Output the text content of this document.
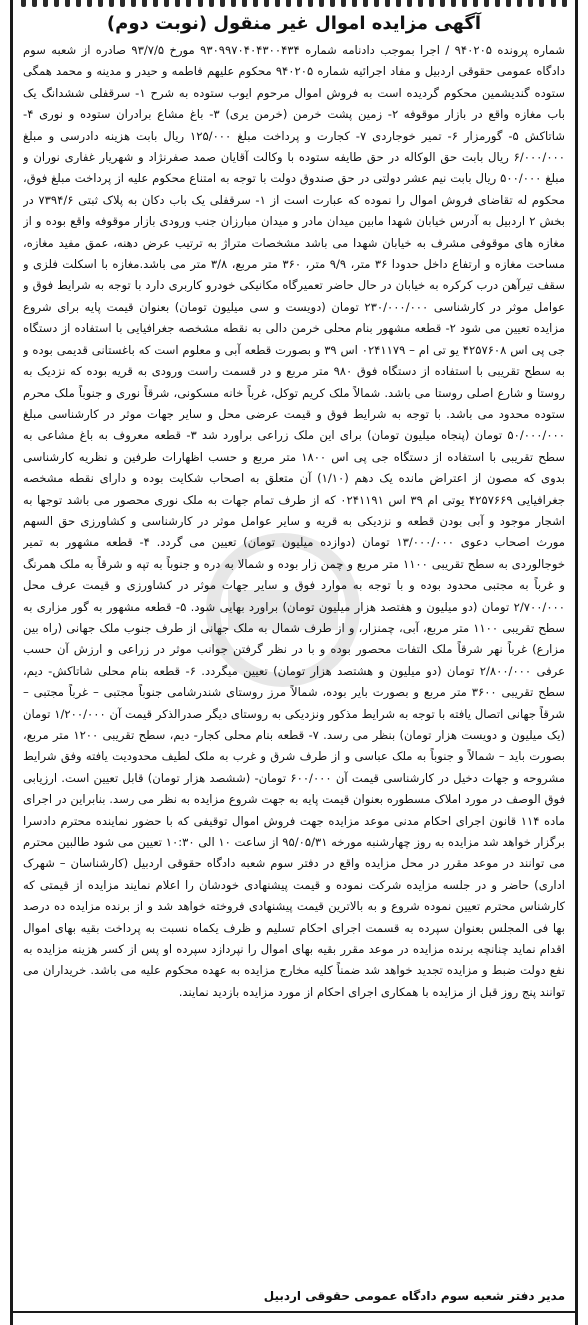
آگهی مزایده اموال غیر منقول (نوبت دوم)
شماره پرونده ۹۴۰۲۰۵ / اجرا بموجب دادنامه شماره ۹۳۰۹۹۷۰۴۰۴۳۰۰۴۳۴ مورخ ۹۳/۷/۵ صادره از شعبه سوم دادگاه عمومی حقوقی اردبیل و مفاد اجرائیه شماره ۹۴۰۲۰۵ محکوم علیهم فاطمه و حیدر و مدینه و محمد همگی ستوده گندیشمین محکوم گردیده است به فروش اموال مرحوم ایوب ستوده به شرح ۱- سرقفلی ششدانگ یک باب مغازه واقع در بازار موقوفه ۲- زمین پشت خرمن (خرمن یری) ۳- باغ مشاع برادران ستوده و نوری ۴- شاتاکش ۵- گورمزار ۶- تمیر خوجاردی ۷- کجارت و پرداخت مبلغ ۱۲۵/۰۰۰ ریال بابت هزینه دادرسی و مبلغ ۶/۰۰۰/۰۰۰ ریال بابت حق الوکاله در حق طایفه ستوده با وکالت آقایان صمد صفرنژاد و شهریار غفاری نوران و مبلغ ۵۰۰/۰۰۰ ریال بابت نیم عشر دولتی در حق صندوق دولت با توجه به امتناع محکوم علیه از پرداخت مبلغ فوق، محکوم له تقاضای فروش اموال را نموده که عبارت است از ۱- سرقفلی یک باب دکان به پلاک ثبتی ۷۳۹۴/۶ در بخش ۲ اردبیل به آدرس خیابان شهدا مابین میدان مادر و میدان مبارزان جنب ورودی بازار موقوفه واقع بوده و از مغازه های موقوفی مشرف به خیابان شهدا می باشد مشخصات متراژ به ترتیب عرض دهنه، عمق مفید مغازه، مساحت مغازه و ارتفاع داخل حدودا ۳۶ متر، ۹/۹ متر، ۳۶۰ متر مربع، ۳/۸ متر می باشد.مغازه با اسکلت فلزی و سقف تیرآهن درب کرکره به خیابان در حال حاضر تعمیرگاه مکانیکی خودرو کاربری دارد با توجه به شرایط فوق و عوامل موثر در کارشناسی ۲۳۰/۰۰۰/۰۰۰ تومان (دویست و سی میلیون تومان) بعنوان قیمت پایه برای شروع مزایده تعیین می شود ۲- قطعه مشهور بنام محلی خرمن دالی به نقطه مشخصه جغرافیایی با استفاده از دستگاه جی پی اس ۴۲۵۷۶۰۸ یو تی ام – ۰۲۴۱۱۷۹ اس ۳۹ و بصورت قطعه آبی و معلوم است که باغستانی قدیمی بوده و به سطح تقریبی با استفاده از دستگاه فوق ۹۸۰ متر مربع و در قسمت راست ورودی به قریه بوده که نزدیک به روستا و شارع اصلی روستا می باشد. شمالاً ملک کریم توکل، غرباً خانه مسکونی، شرقاً نوری و جنوباً ملک محرم ستوده محدود می باشد. با توجه به شرایط فوق و قیمت عرضی محل و سایر جهات موثر در کارشناسی مبلغ ۵۰/۰۰۰/۰۰۰ تومان (پنجاه میلیون تومان) برای این ملک زراعی براورد شد ۳- قطعه معروف به باغ مشاعی به سطح تقریبی با استفاده از دستگاه جی پی اس ۱۸۰۰ متر مربع و حسب اظهارات طرفین و نظریه کارشناسی بدوی که مصون از اعتراض مانده یک دهم (۱/۱۰) آن متعلق به اصحاب شکایت بوده و دارای نقطه مشخصه جغرافیایی ۴۲۵۷۶۶۹ یوتی ام ۳۹ اس ۰۲۴۱۱۹۱ که از طرف تمام جهات به ملک نوری محصور می باشد توجها به اشجار موجود و آبی بودن قطعه و نزدیکی به قریه و سایر عوامل موثر در کارشناسی و کشاورزی حق السهم مورث اصحاب دعوی ۱۳/۰۰۰/۰۰۰ تومان (دوازده میلیون تومان) تعیین می گردد. ۴- قطعه مشهور به تمیر خوجالوردی به سطح تقریبی ۱۱۰۰ متر مربع و چمن زار بوده و شمالا به دره و جنوباً به تپه و شرقاً به ملک همرنگ و غرباً به مجتبی محدود بوده و با توجه به موارد فوق و سایر جهات موثر در کشاورزی و قیمت عرف محل ۲/۷۰۰/۰۰۰ تومان (دو میلیون و هفتصد هزار میلیون تومان) براورد بهایی شود. ۵- قطعه مشهور به گور مزاری به سطح تقریبی ۱۱۰۰ متر مربع، آبی، چمنزار، و از طرف شمال به ملک جهانی از طرف جنوب ملک جهانی (راه بین مزارع) غرباً نهر شرقاً ملک التفات محصور بوده و با در نظر گرفتن جوانب موثر در زراعی و ارزش آن حسب عرفی ۲/۸۰۰/۰۰۰ تومان (دو میلیون و هشتصد هزار تومان) تعیین میگردد. ۶- قطعه بنام محلی شاتاکش- دیم، سطح تقریبی ۳۶۰۰ متر مربع و بصورت بایر بوده، شمالاً مرز روستای شندرشامی جنوباً مجتبی – غرباً مجتبی – شرقاً جهانی اتصال یافته با توجه به شرایط مذکور ونزدیکی به روستای دیگر صدرالذکر قیمت آن ۱/۲۰۰/۰۰۰ تومان (یک میلیون و دویست هزار تومان) بنظر می رسد. ۷- قطعه بنام محلی کجار- دیم، سطح تقریبی ۱۲۰۰ متر مربع، بصورت باید – شمالاً و جنوباً به ملک عباسی و از طرف شرق و غرب به ملک لطیف محدودیت یافته وفق شرایط مشروحه و جهات دخیل در کارشناسی قیمت آن ۶۰۰/۰۰۰ تومان- (ششصد هزار تومان) قابل تعیین است. ارزیابی فوق الوصف در مورد املاک مسطوره بعنوان قیمت پایه به جهت شروع مزایده به نظر می رسد. بنابراین در اجرای ماده ۱۱۴ قانون اجرای احکام مدنی موعد مزایده جهت فروش اموال توقیفی که با حضور نماینده محترم دادسرا برگزار خواهد شد مزایده به روز چهارشنبه مورخه ۹۵/۰۵/۳۱ از ساعت ۱۰ الی ۱۰:۳۰ تعیین می شود طالبین محترم می توانند در موعد مقرر در محل مزایده واقع در دفتر سوم شعبه دادگاه حقوقی اردبیل (کارشناسان – شهرک اداری) حاضر و در جلسه مزایده شرکت نموده و قیمت پیشنهادی خودشان را اعلام نمایند مزایده از قیمتی که کارشناس محترم تعیین نموده شروع و به بالاترین قیمت پیشنهادی فروخته خواهد شد و از برنده مزایده ده درصد بها فی المجلس بعنوان سپرده به قسمت اجرای احکام تسلیم و ظرف یکماه نسبت به پرداخت بقیه بهای اموال اقدام نماید چنانچه برنده مزایده در موعد مقرر بقیه بهای اموال را نپردازد سپرده او پس از کسر هزینه مزایده به نفع دولت ضبط و مزایده تجدید خواهد شد ضمناً کلیه مخارج مزایده به عهده محکوم علیه می باشد. خریداران می توانند پنج روز قبل از مزایده با همکاری اجرای احکام از مورد مزایده بازدید نمایند.
مدیر دفتر شعبه سوم دادگاه عمومی حقوقی اردبیل
